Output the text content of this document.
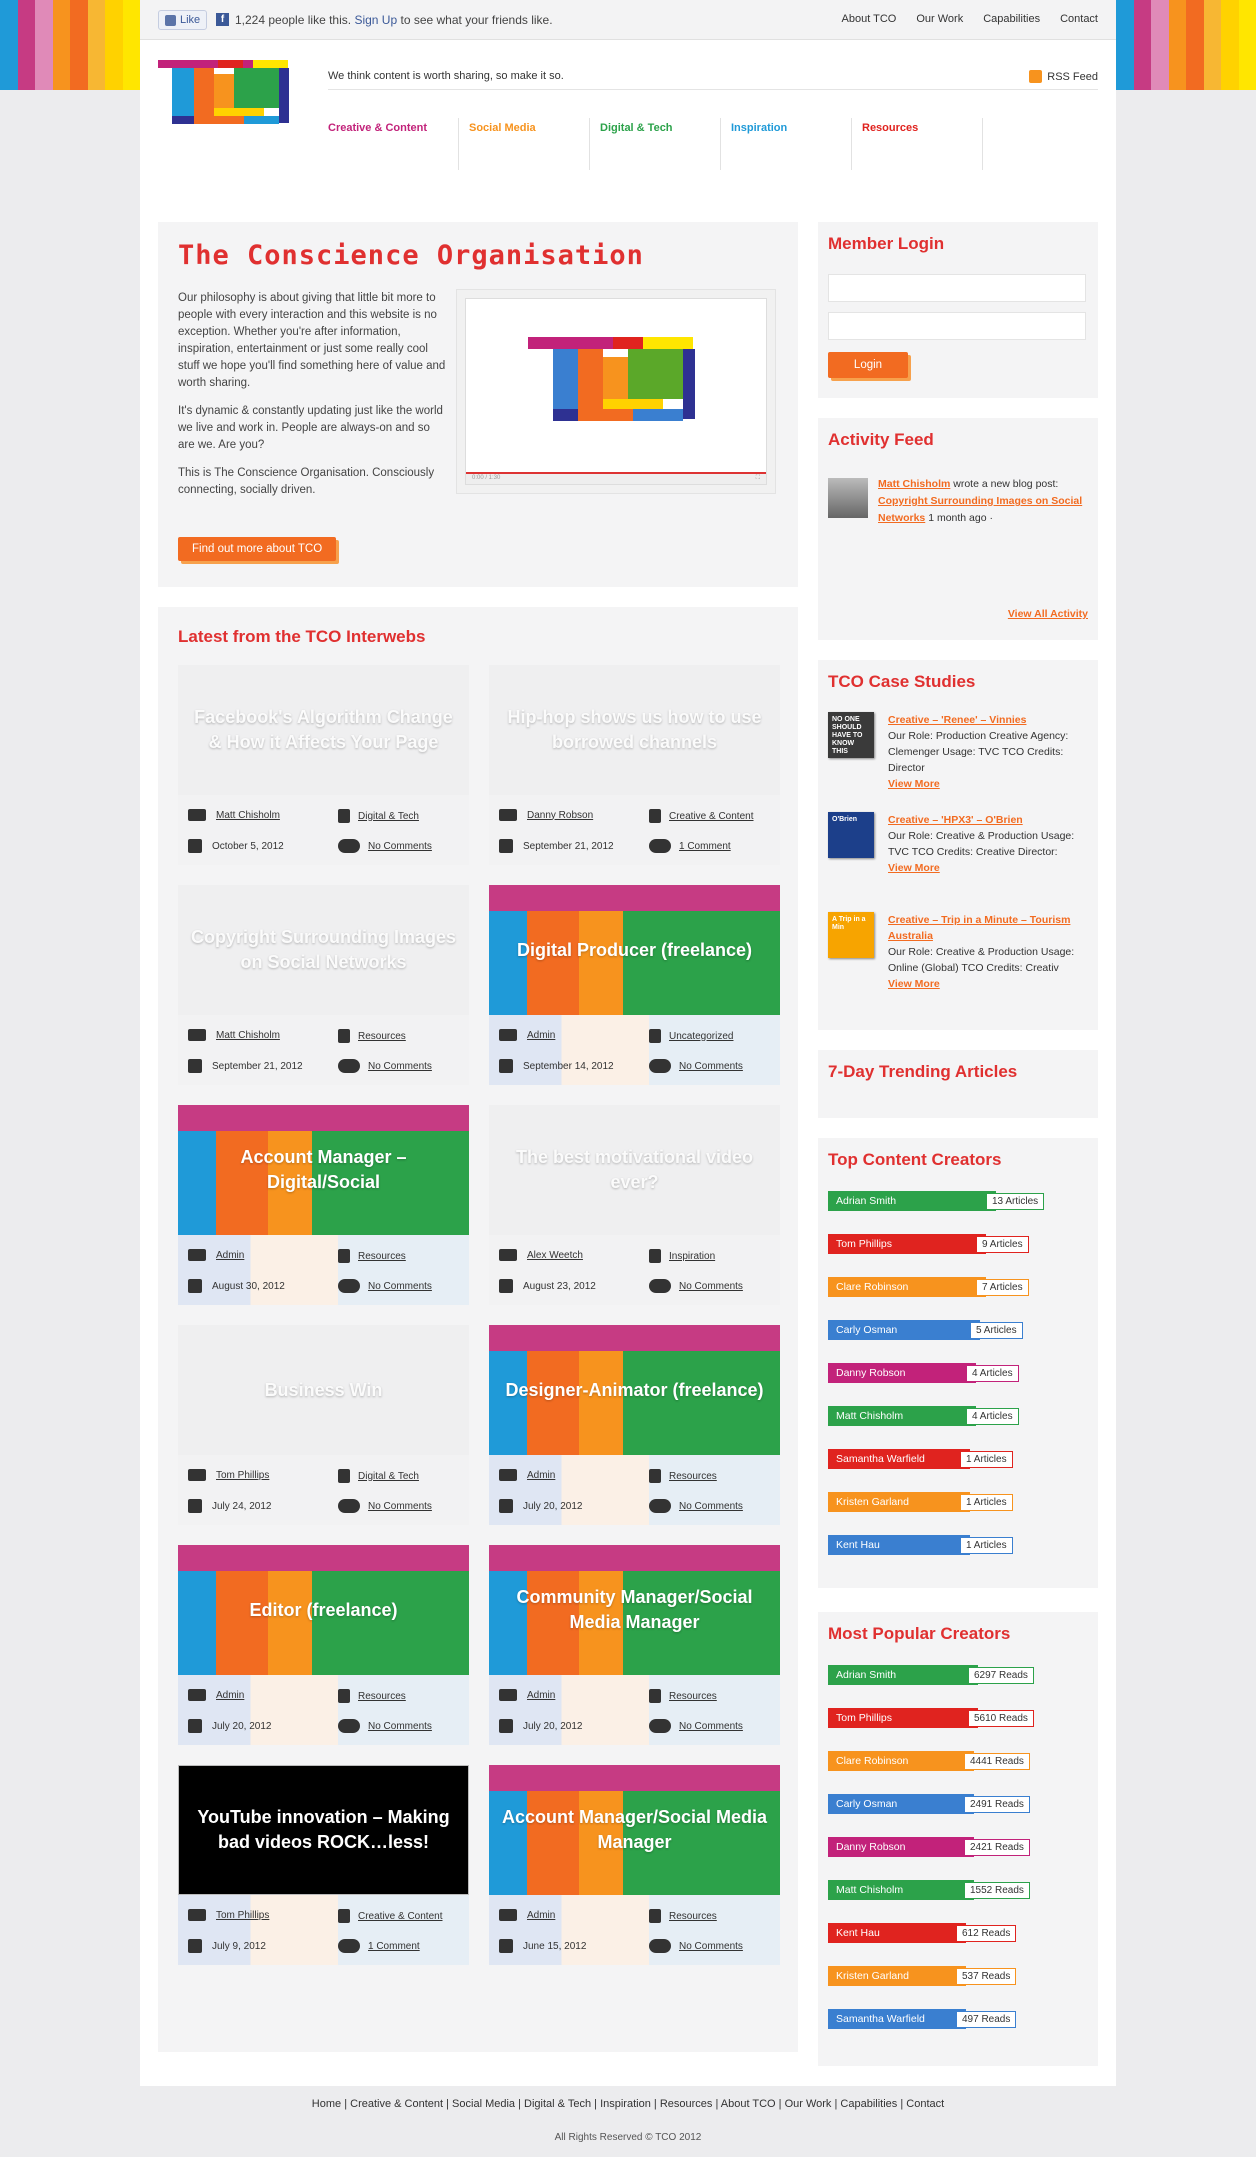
Like	f 1,224 people like this. Sign Up to see what your friends like.	About TCO Our Work Capabilities Contact
We think content is worth sharing, so make it so.	RSS Feed
Creative & Content	Social Media	Digital & Tech	Inspiration	Resources
The Conscience Organisation

Our philosophy is about giving that little bit more to people with every interaction and this website is no exception. Whether you're after information, inspiration, entertainment or just some really cool stuff we hope you'll find something here of value and worth sharing.

It's dynamic & constantly updating just like the world we live and work in. People are always-on and so are we. Are you?

This is The Conscience Organisation. Consciously connecting, socially driven.

Find out more about TCO
0:00 / 1:30	⛶
Latest from the TCO Interwebs
Facebook's Algorithm Change & How it Affects Your Page
Matt Chisholm	Digital & Tech
October 5, 2012	No Comments
Hip-hop shows us how to use borrowed channels
Danny Robson	Creative & Content
September 21, 2012	1 Comment
Copyright Surrounding Images on Social Networks
Matt Chisholm	Resources
September 21, 2012	No Comments
Digital Producer (freelance)
Admin	Uncategorized
September 14, 2012	No Comments
Account Manager – Digital/Social
Admin	Resources
August 30, 2012	No Comments
The best motivational video ever?
Alex Weetch	Inspiration
August 23, 2012	No Comments
Business Win
Tom Phillips	Digital & Tech
July 24, 2012	No Comments
Designer-Animator (freelance)
Admin	Resources
July 20, 2012	No Comments
Editor (freelance)
Admin	Resources
July 20, 2012	No Comments
Community Manager/Social Media Manager
Admin	Resources
July 20, 2012	No Comments
YouTube innovation – Making bad videos ROCK…less!
Tom Phillips	Creative & Content
July 9, 2012	1 Comment
Account Manager/Social Media Manager
Admin	Resources
June 15, 2012	No Comments
Member Login
Login
Activity Feed
Matt Chisholm wrote a new blog post: Copyright Surrounding Images on Social Networks 1 month ago ·
View All Activity
TCO Case Studies
NO ONE SHOULD HAVE TO KNOW THIS
Creative – 'Renee' – Vinnies
Our Role: Production Creative Agency: Clemenger Usage: TVC TCO Credits: Director
View More
O'Brien	Creative – 'HPX3' – O'Brien
Our Role: Creative & Production Usage: TVC TCO Credits: Creative Director:
View More
A Trip in a Min
Creative – Trip in a Minute – Tourism Australia
Our Role: Creative & Production Usage: Online (Global) TCO Credits: Creativ
View More
7-Day Trending Articles
Top Content Creators
Adrian Smith	13 Articles
Tom Phillips	9 Articles
Clare Robinson	7 Articles
Carly Osman	5 Articles
Danny Robson	4 Articles
Matt Chisholm	4 Articles
Samantha Warfield	1 Articles
Kristen Garland	1 Articles
Kent Hau	1 Articles
Most Popular Creators
Adrian Smith	6297 Reads
Tom Phillips	5610 Reads
Clare Robinson	4441 Reads
Carly Osman	2491 Reads
Danny Robson	2421 Reads
Matt Chisholm	1552 Reads
Kent Hau	612 Reads
Kristen Garland	537 Reads
Samantha Warfield	497 Reads
Home | Creative & Content | Social Media | Digital & Tech | Inspiration | Resources | About TCO | Our Work | Capabilities | Contact
All Rights Reserved © TCO 2012
